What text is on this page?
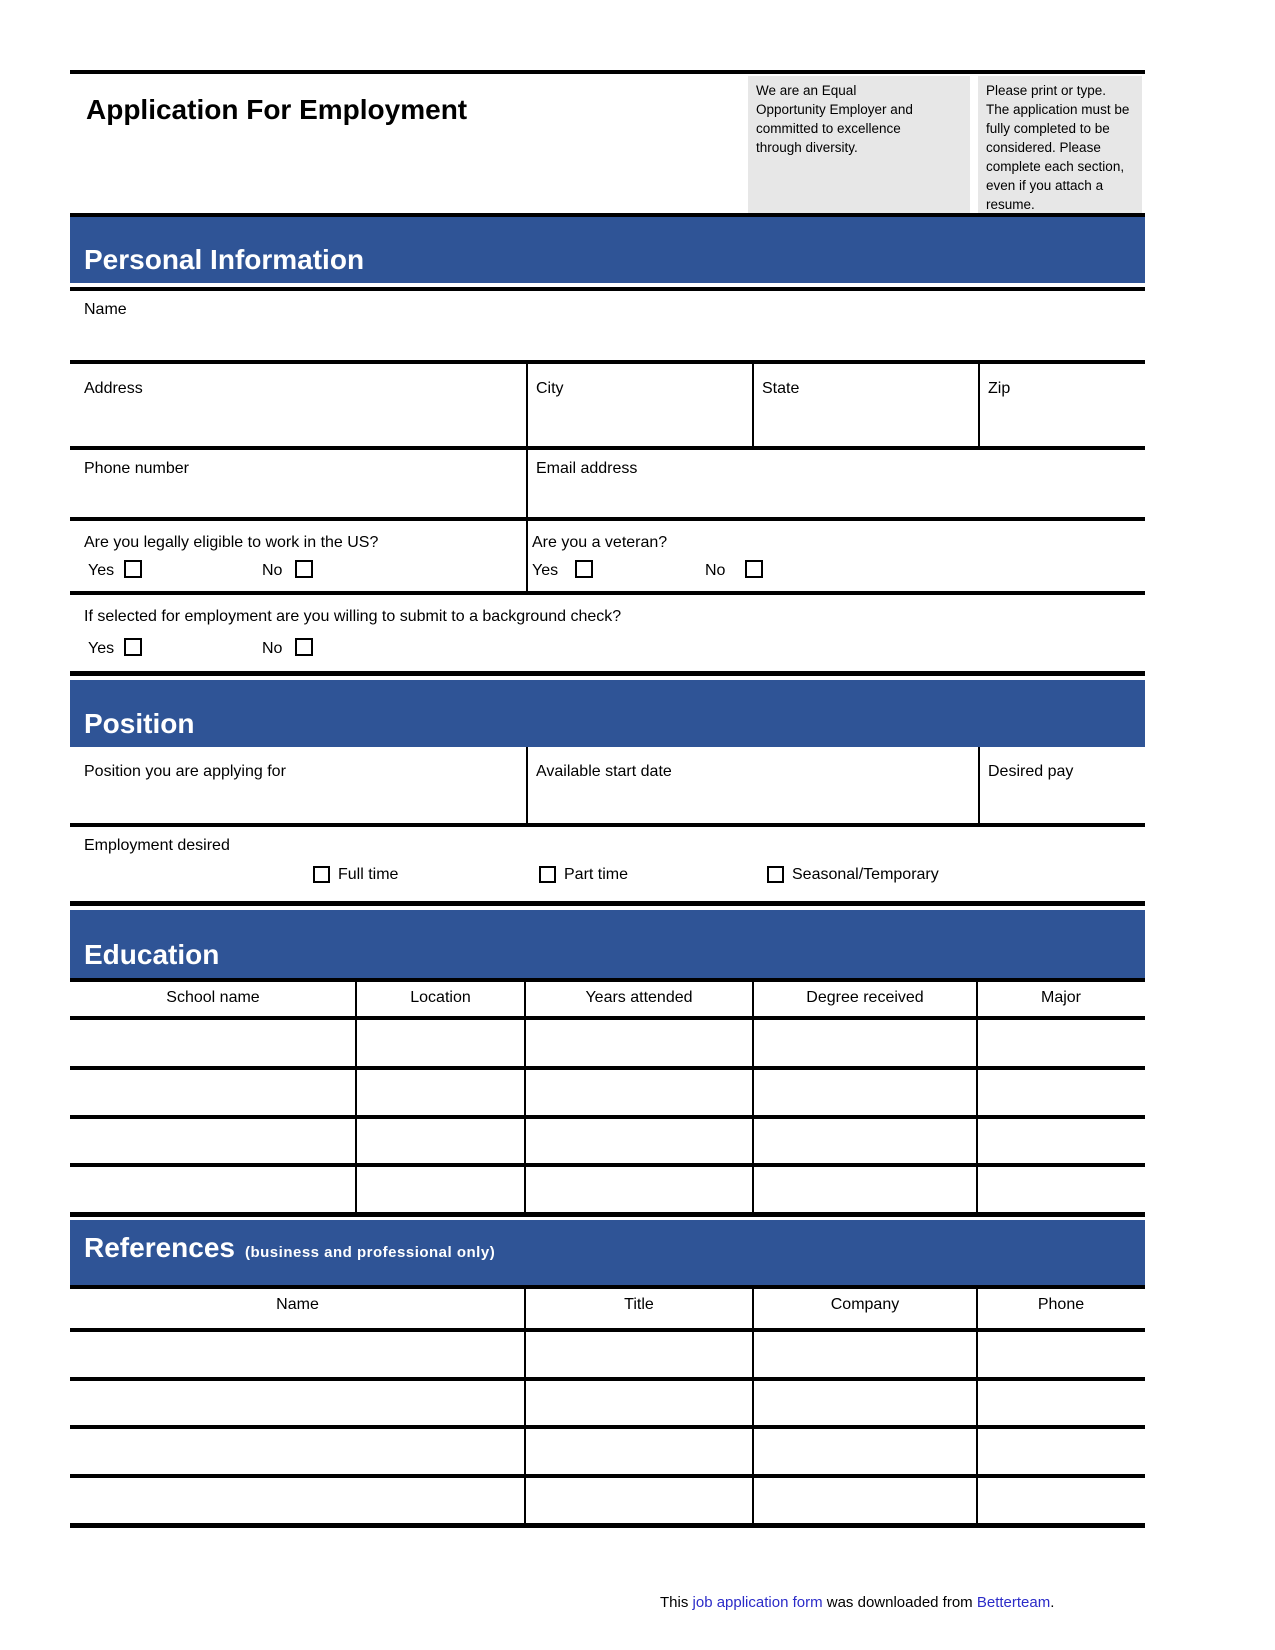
Application For Employment
We are an Equal
Opportunity Employer and
committed to excellence
through diversity.
Please print or type.
The application must be
fully completed to be
considered. Please
complete each section,
even if you attach a
resume.
Personal Information
Name
Address	City	State	Zip
Phone number	Email address
Are you legally eligible to work in the US?	Are you a veteran?
Yes	No	Yes	No
If selected for employment are you willing to submit to a background check?
Yes	No
Position
Position you are applying for	Available start date	Desired pay
Employment desired
Full time	Part time	Seasonal/Temporary
Education
School name	Location	Years attended	Degree received	Major
References (business and professional only)
Name	Title	Company	Phone
This job application form was downloaded from Betterteam.
